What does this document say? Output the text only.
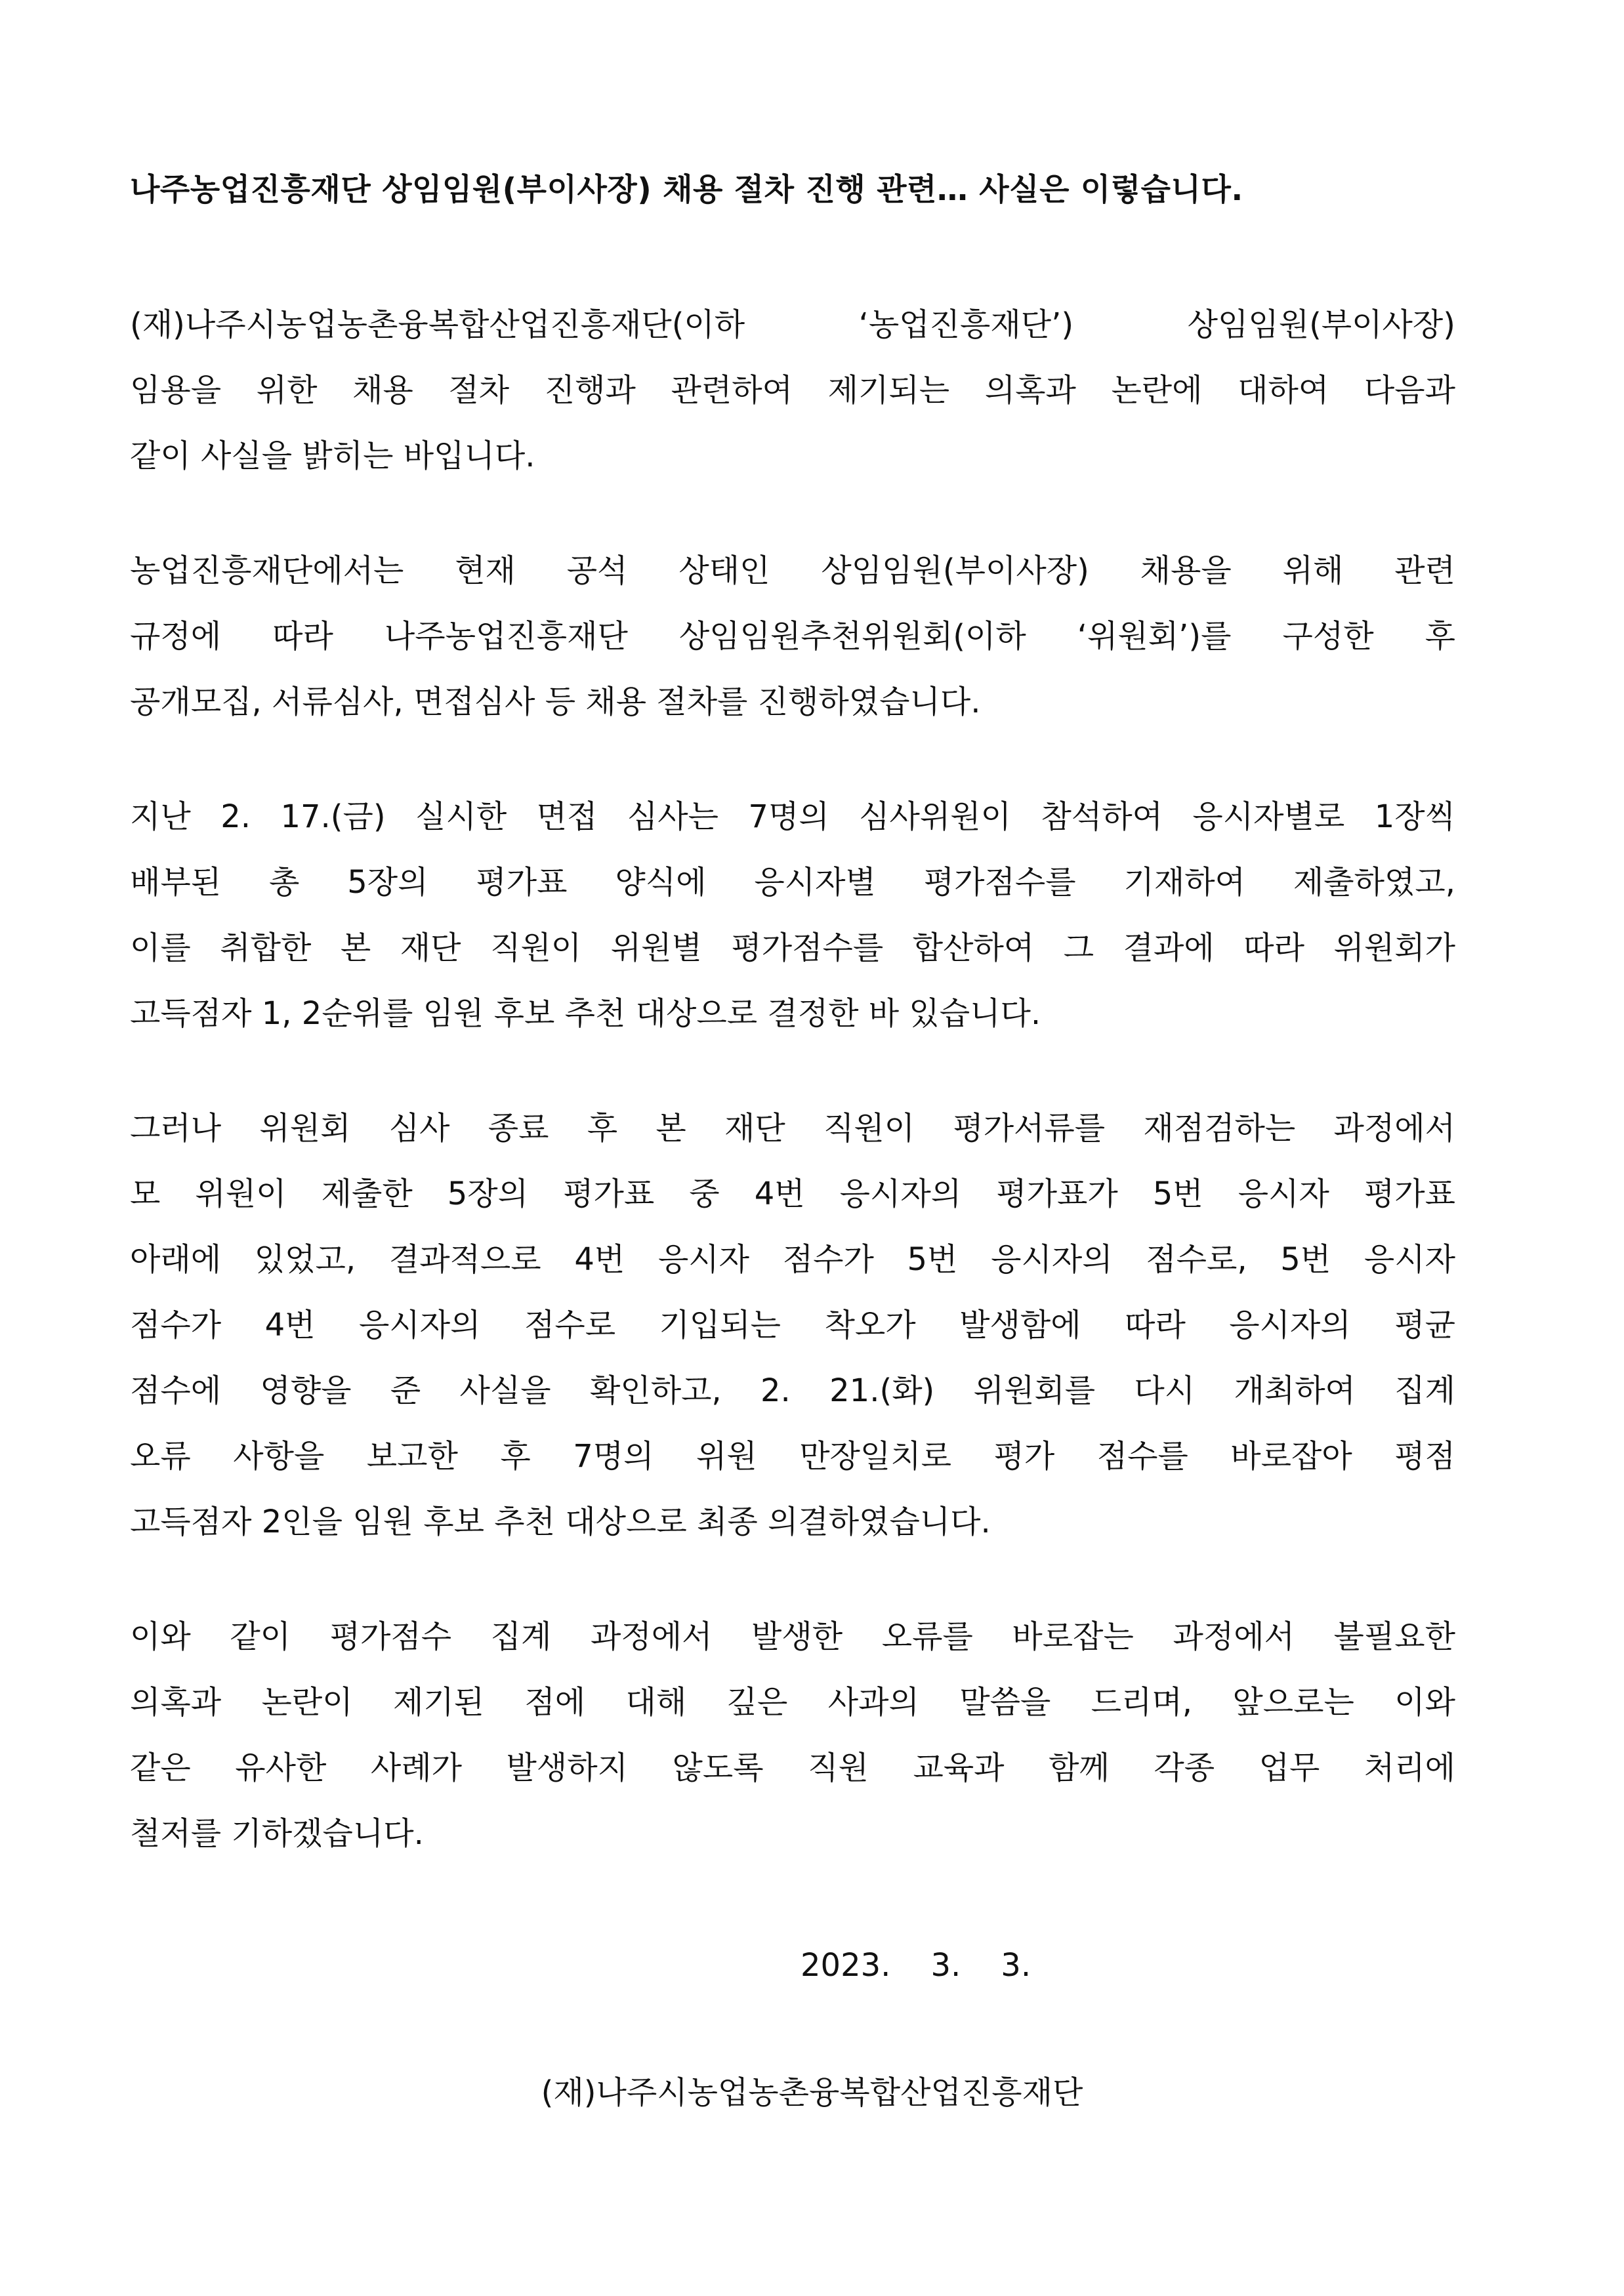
나주농업진흥재단 상임임원(부이사장) 채용 절차 진행 관련… 사실은 이렇습니다.
(재)나주시농업농촌융복합산업진흥재단(이하 ‘농업진흥재단’) 상임임원(부이사장)
임용을 위한 채용 절차 진행과 관련하여 제기되는 의혹과 논란에 대하여 다음과
같이 사실을 밝히는 바입니다.
농업진흥재단에서는 현재 공석 상태인 상임임원(부이사장) 채용을 위해 관련
규정에 따라 나주농업진흥재단 상임임원추천위원회(이하 ‘위원회’)를 구성한 후
공개모집, 서류심사, 면접심사 등 채용 절차를 진행하였습니다.
지난 2. 17.(금) 실시한 면접 심사는 7명의 심사위원이 참석하여 응시자별로 1장씩
배부된 총 5장의 평가표 양식에 응시자별 평가점수를 기재하여 제출하였고,
이를 취합한 본 재단 직원이 위원별 평가점수를 합산하여 그 결과에 따라 위원회가
고득점자 1, 2순위를 임원 후보 추천 대상으로 결정한 바 있습니다.
그러나 위원회 심사 종료 후 본 재단 직원이 평가서류를 재점검하는 과정에서
모 위원이 제출한 5장의 평가표 중 4번 응시자의 평가표가 5번 응시자 평가표
아래에 있었고, 결과적으로 4번 응시자 점수가 5번 응시자의 점수로, 5번 응시자
점수가 4번 응시자의 점수로 기입되는 착오가 발생함에 따라 응시자의 평균
점수에 영향을 준 사실을 확인하고, 2. 21.(화) 위원회를 다시 개최하여 집계
오류 사항을 보고한 후 7명의 위원 만장일치로 평가 점수를 바로잡아 평점
고득점자 2인을 임원 후보 추천 대상으로 최종 의결하였습니다.
이와 같이 평가점수 집계 과정에서 발생한 오류를 바로잡는 과정에서 불필요한
의혹과 논란이 제기된 점에 대해 깊은 사과의 말씀을 드리며, 앞으로는 이와
같은 유사한 사례가 발생하지 않도록 직원 교육과 함께 각종 업무 처리에
철저를 기하겠습니다.
2023.    3.    3.
(재)나주시농업농촌융복합산업진흥재단
